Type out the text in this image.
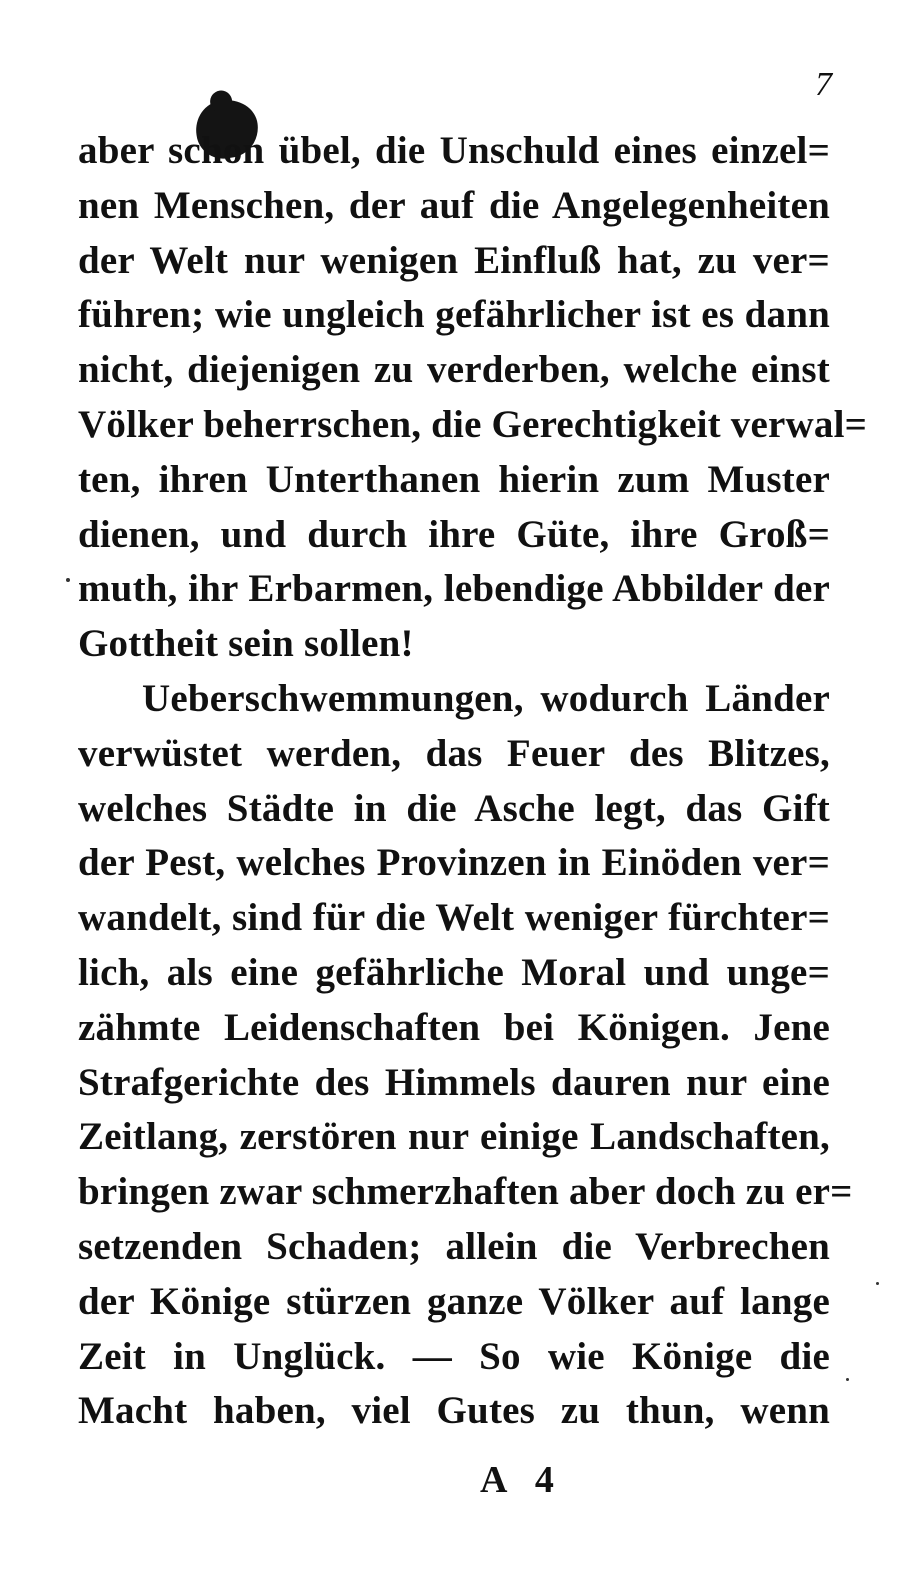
7
aber schon übel, die Unschuld eines einzel=
nen Menschen, der auf die Angelegenheiten
der Welt nur wenigen Einfluß hat, zu ver=
führen; wie ungleich gefährlicher ist es dann
nicht, diejenigen zu verderben, welche einst
Völker beherrschen, die Gerechtigkeit verwal=
ten, ihren Unterthanen hierin zum Muster
dienen, und durch ihre Güte, ihre Groß=
muth, ihr Erbarmen, lebendige Abbilder der
Gottheit sein sollen!
Ueberschwemmungen, wodurch Länder
verwüstet werden, das Feuer des Blitzes,
welches Städte in die Asche legt, das Gift
der Pest, welches Provinzen in Einöden ver=
wandelt, sind für die Welt weniger fürchter=
lich, als eine gefährliche Moral und unge=
zähmte Leidenschaften bei Königen. Jene
Strafgerichte des Himmels dauren nur eine
Zeitlang, zerstören nur einige Landschaften,
bringen zwar schmerzhaften aber doch zu er=
setzenden Schaden; allein die Verbrechen
der Könige stürzen ganze Völker auf lange
Zeit in Unglück. — So wie Könige die
Macht haben, viel Gutes zu thun, wenn
A 4
